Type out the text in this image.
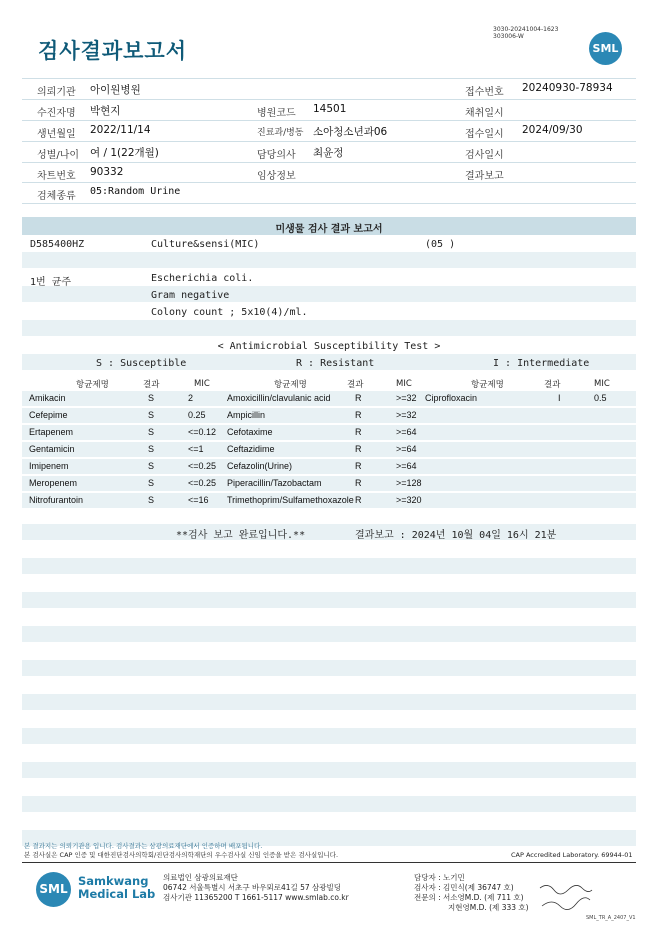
검사결과보고서
3030-20241004-1623
303006-W
SML
의뢰기관 아이원병원	접수번호 20240930-78934
수진자명 박현지	병원코드 14501	채취일시
생년월일 2022/11/14	진료과/병동 소아청소년과06	접수일시 2024/09/30
성별/나이 여 / 1(22개월)	담당의사 최윤정	검사일시
차트번호 90332	임상정보	결과보고
검체종류 05:Random Urine
미생물 검사 결과 보고서
D585400HZ	Culture&sensi(MIC)	(05 )
1번 균주	Escherichia coli.
Gram negative
Colony count ; 5x10(4)/ml.
< Antimicrobial Susceptibility Test >
S : Susceptible	R : Resistant	I : Intermediate
항균제명	결과	MIC	항균제명	결과	MIC	항균제명	결과	MIC
Amikacin	S	2	Amoxicillin/clavulanic acid	R	>=32 Ciprofloxacin	I	0.5
Cefepime	S	0.25 Ampicillin	R	>=32
Ertapenem	S	<=0.12 Cefotaxime	R	>=64
Gentamicin	S	<=1	Ceftazidime	R	>=64
Imipenem	S	<=0.25 Cefazolin(Urine)	R	>=64
Meropenem	S	<=0.25 Piperacillin/Tazobactam	R	>=128
Nitrofurantoin	S	<=16 Trimethoprim/Sulfamethoxazole R	>=320
**검사 보고 완료입니다.**	결과보고 : 2024년 10월 04일 16시 21분
본 결과지는 의뢰기관용 입니다. 검사결과는 삼광의료재단에서 인증하며 배포됩니다.
본 검사실은 CAP 인증 및 대한진단검사의학회/진단검사의학재단의 우수검사실 신임 인증을 받은 검사실입니다.	CAP Accredited Laboratory. 69944-01
SML
Samkwang
Medical Lab
의료법인 삼광의료재단
06742 서울특별시 서초구 바우뫼로41길 57 삼광빌딩
검사기관 11365200 T 1661-5117 www.smlab.co.kr
담당자 : 노기민
검사자 : 김민식(제 36747 호)
전문의 : 서소영M.D. (제 711 호)
지현영M.D. (제 333 호)
SML_TR_A_2407_V1
